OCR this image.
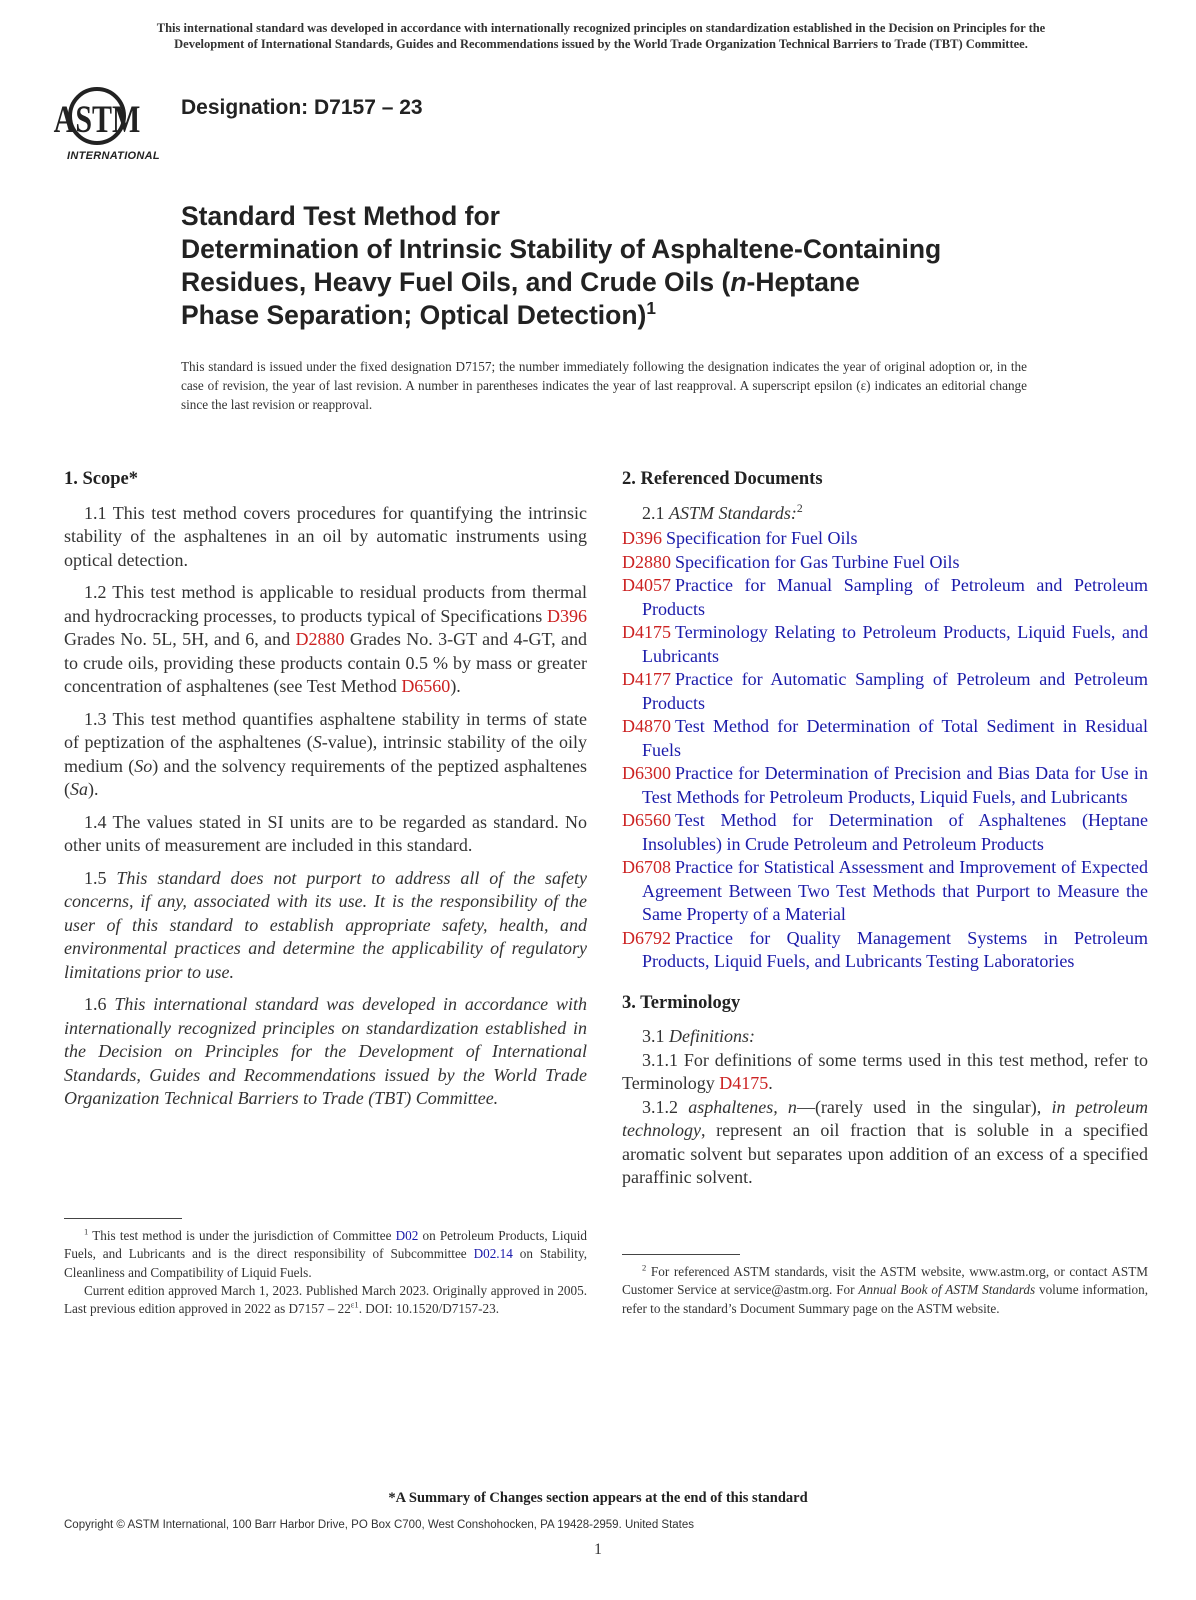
This international standard was developed in accordance with internationally recognized principles on standardization established in the Decision on Principles for the
Development of International Standards, Guides and Recommendations issued by the World Trade Organization Technical Barriers to Trade (TBT) Committee.
ASTM
INTERNATIONAL
Designation: D7157 – 23
Standard Test Method for
Determination of Intrinsic Stability of Asphaltene-Containing
Residues, Heavy Fuel Oils, and Crude Oils (n-Heptane
Phase Separation; Optical Detection)$^1$
This standard is issued under the fixed designation D7157; the number immediately following the designation indicates the year of original adoption or, in the case of revision, the year of last revision. A number in parentheses indicates the year of last reapproval. A superscript epsilon (ε) indicates an editorial change since the last revision or reapproval.
1. Scope*

1.1 This test method covers procedures for quantifying the intrinsic stability of the asphaltenes in an oil by automatic instruments using optical detection.

1.2 This test method is applicable to residual products from thermal and hydrocracking processes, to products typical of Specifications D396 Grades No. 5L, 5H, and 6, and D2880 Grades No. 3-GT and 4-GT, and to crude oils, providing these products contain 0.5 % by mass or greater concentration of asphaltenes (see Test Method D6560).

1.3 This test method quantifies asphaltene stability in terms of state of peptization of the asphaltenes (S-value), intrinsic stability of the oily medium (So) and the solvency requirements of the peptized asphaltenes (Sa).

1.4 The values stated in SI units are to be regarded as standard. No other units of measurement are included in this standard.

1.5 This standard does not purport to address all of the safety concerns, if any, associated with its use. It is the responsibility of the user of this standard to establish appropriate safety, health, and environmental practices and determine the applicability of regulatory limitations prior to use.

1.6 This international standard was developed in accordance with internationally recognized principles on standardization established in the Decision on Principles for the Development of International Standards, Guides and Recommendations issued by the World Trade Organization Technical Barriers to Trade (TBT) Committee.

2. Referenced Documents

2.1 ASTM Standards:$^2$

D396 Specification for Fuel Oils

D2880 Specification for Gas Turbine Fuel Oils

D4057 Practice for Manual Sampling of Petroleum and Petroleum Products

D4175 Terminology Relating to Petroleum Products, Liquid Fuels, and Lubricants

D4177 Practice for Automatic Sampling of Petroleum and Petroleum Products

D4870 Test Method for Determination of Total Sediment in Residual Fuels

D6300 Practice for Determination of Precision and Bias Data for Use in Test Methods for Petroleum Products, Liquid Fuels, and Lubricants

D6560 Test Method for Determination of Asphaltenes (Heptane Insolubles) in Crude Petroleum and Petroleum Products

D6708 Practice for Statistical Assessment and Improvement of Expected Agreement Between Two Test Methods that Purport to Measure the Same Property of a Material

D6792 Practice for Quality Management Systems in Petroleum Products, Liquid Fuels, and Lubricants Testing Laboratories

3. Terminology

3.1 Definitions:

3.1.1 For definitions of some terms used in this test method, refer to Terminology D4175.

3.1.2 asphaltenes, n—(rarely used in the singular), in petroleum technology, represent an oil fraction that is soluble in a specified aromatic solvent but separates upon addition of an excess of a specified paraffinic solvent.

$^1$ This test method is under the jurisdiction of Committee D02 on Petroleum Products, Liquid Fuels, and Lubricants and is the direct responsibility of Subcommittee D02.14 on Stability, Cleanliness and Compatibility of Liquid Fuels.
Current edition approved March 1, 2023. Published March 2023. Originally approved in 2005. Last previous edition approved in 2022 as $D7157 - 22^{\varepsilon 1}$. DOI: 10.1520/D7157-23.
$^2$ For referenced ASTM standards, visit the ASTM website, www.astm.org, or contact ASTM Customer Service at service@astm.org. For Annual Book of ASTM Standards volume information, refer to the standard’s Document Summary page on the ASTM website.
*A Summary of Changes section appears at the end of this standard
Copyright © ASTM International, 100 Barr Harbor Drive, PO Box C700, West Conshohocken, PA 19428-2959. United States
1
